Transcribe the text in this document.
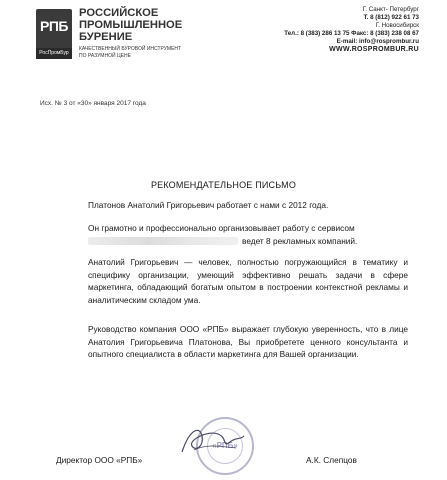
РПБ
РосПромБур
РОССИЙСКОЕ
ПРОМЫШЛЕННОЕ
БУРЕНИЕ
КАЧЕСТВЕННЫЙ БУРОВОЙ ИНСТРУМЕНТ
ПО РАЗУМНОЙ ЦЕНЕ
Г. Санкт- Петербург
Т. 8 (812) 922 61 73
Г. Новосибирск
Тел.: 8 (383) 286 13 75 Факс: 8 (383) 238 08 67
E-mail: info@rosprombur.ru
WWW.ROSPROMBUR.RU
Исх. № 3 от «30» января 2017 года
РЕКОМЕНДАТЕЛЬНОЕ ПИСЬМО
Платонов Анатолий Григорьевич работает с нами с 2012 года.
Он грамотно и профессионально организовывает работу с сервисом
ведет 8 рекламных компаний.
Анатолий Григорьевич — человек, полностью погружающийся в тематику и специфику организации, умеющий эффективно решать задачи в сфере маркетинга, обладающий богатым опытом в построении контекстной рекламы и аналитическим складом ума.
Руководство компания ООО «РПБ» выражает глубокую уверенность, что в лице Анатолия Григорьевича Платонова, Вы приобретете ценного консультанта и опытного специалиста в области маркетинга для Вашей организации.
«РПБ»
Директор ООО «РПБ»	А.К. Слепцов
